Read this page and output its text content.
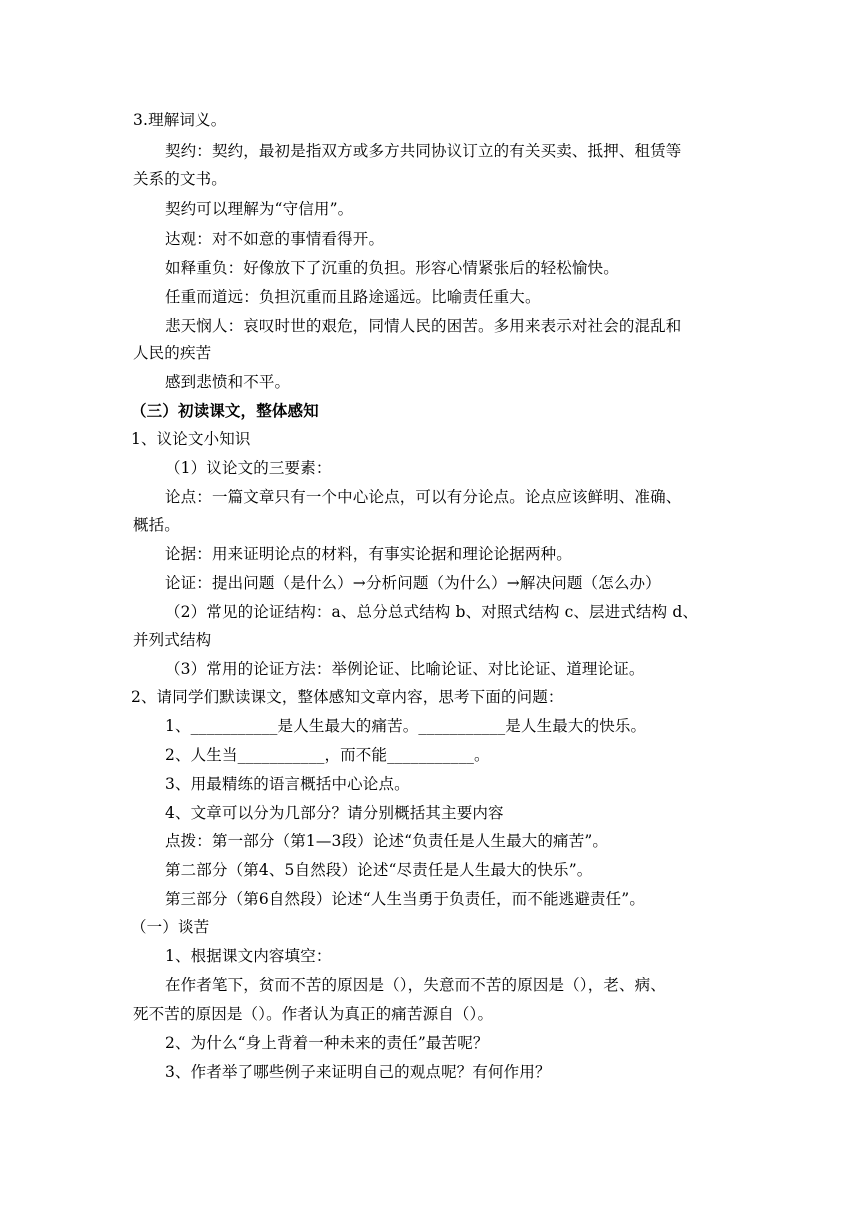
3.理解词义。
契约：契约，最初是指双方或多方共同协议订立的有关买卖、抵押、租赁等
关系的文书。
契约可以理解为“守信用”。
达观：对不如意的事情看得开。
如释重负：好像放下了沉重的负担。形容心情紧张后的轻松愉快。
任重而道远：负担沉重而且路途遥远。比喻责任重大。
悲天悯人：哀叹时世的艰危，同情人民的困苦。多用来表示对社会的混乱和
人民的疾苦
感到悲愤和不平。
（三）初读课文，整体感知
1、议论文小知识
（1）议论文的三要素：
论点：一篇文章只有一个中心论点，可以有分论点。论点应该鲜明、准确、
概括。
论据：用来证明论点的材料，有事实论据和理论论据两种。
论证：提出问题（是什么）→分析问题（为什么）→解决问题（怎么办）
（2）常见的论证结构：a、总分总式结构 b、对照式结构 c、层进式结构 d、
并列式结构
（3）常用的论证方法：举例论证、比喻论证、对比论证、道理论证。
2、请同学们默读课文，整体感知文章内容，思考下面的问题：
1、___________是人生最大的痛苦。___________是人生最大的快乐。
2、人生当___________，而不能___________。
3、用最精练的语言概括中心论点。
4、文章可以分为几部分？请分别概括其主要内容
点拨：第一部分（第1—3段）论述“负责任是人生最大的痛苦”。
第二部分（第4、5自然段）论述“尽责任是人生最大的快乐”。
第三部分（第6自然段）论述“人生当勇于负责任，而不能逃避责任”。
（一）谈苦
1、根据课文内容填空：
在作者笔下，贫而不苦的原因是（），失意而不苦的原因是（），老、病、
死不苦的原因是（）。作者认为真正的痛苦源自（）。
2、为什么“身上背着一种未来的责任”最苦呢？
3、作者举了哪些例子来证明自己的观点呢？有何作用？
